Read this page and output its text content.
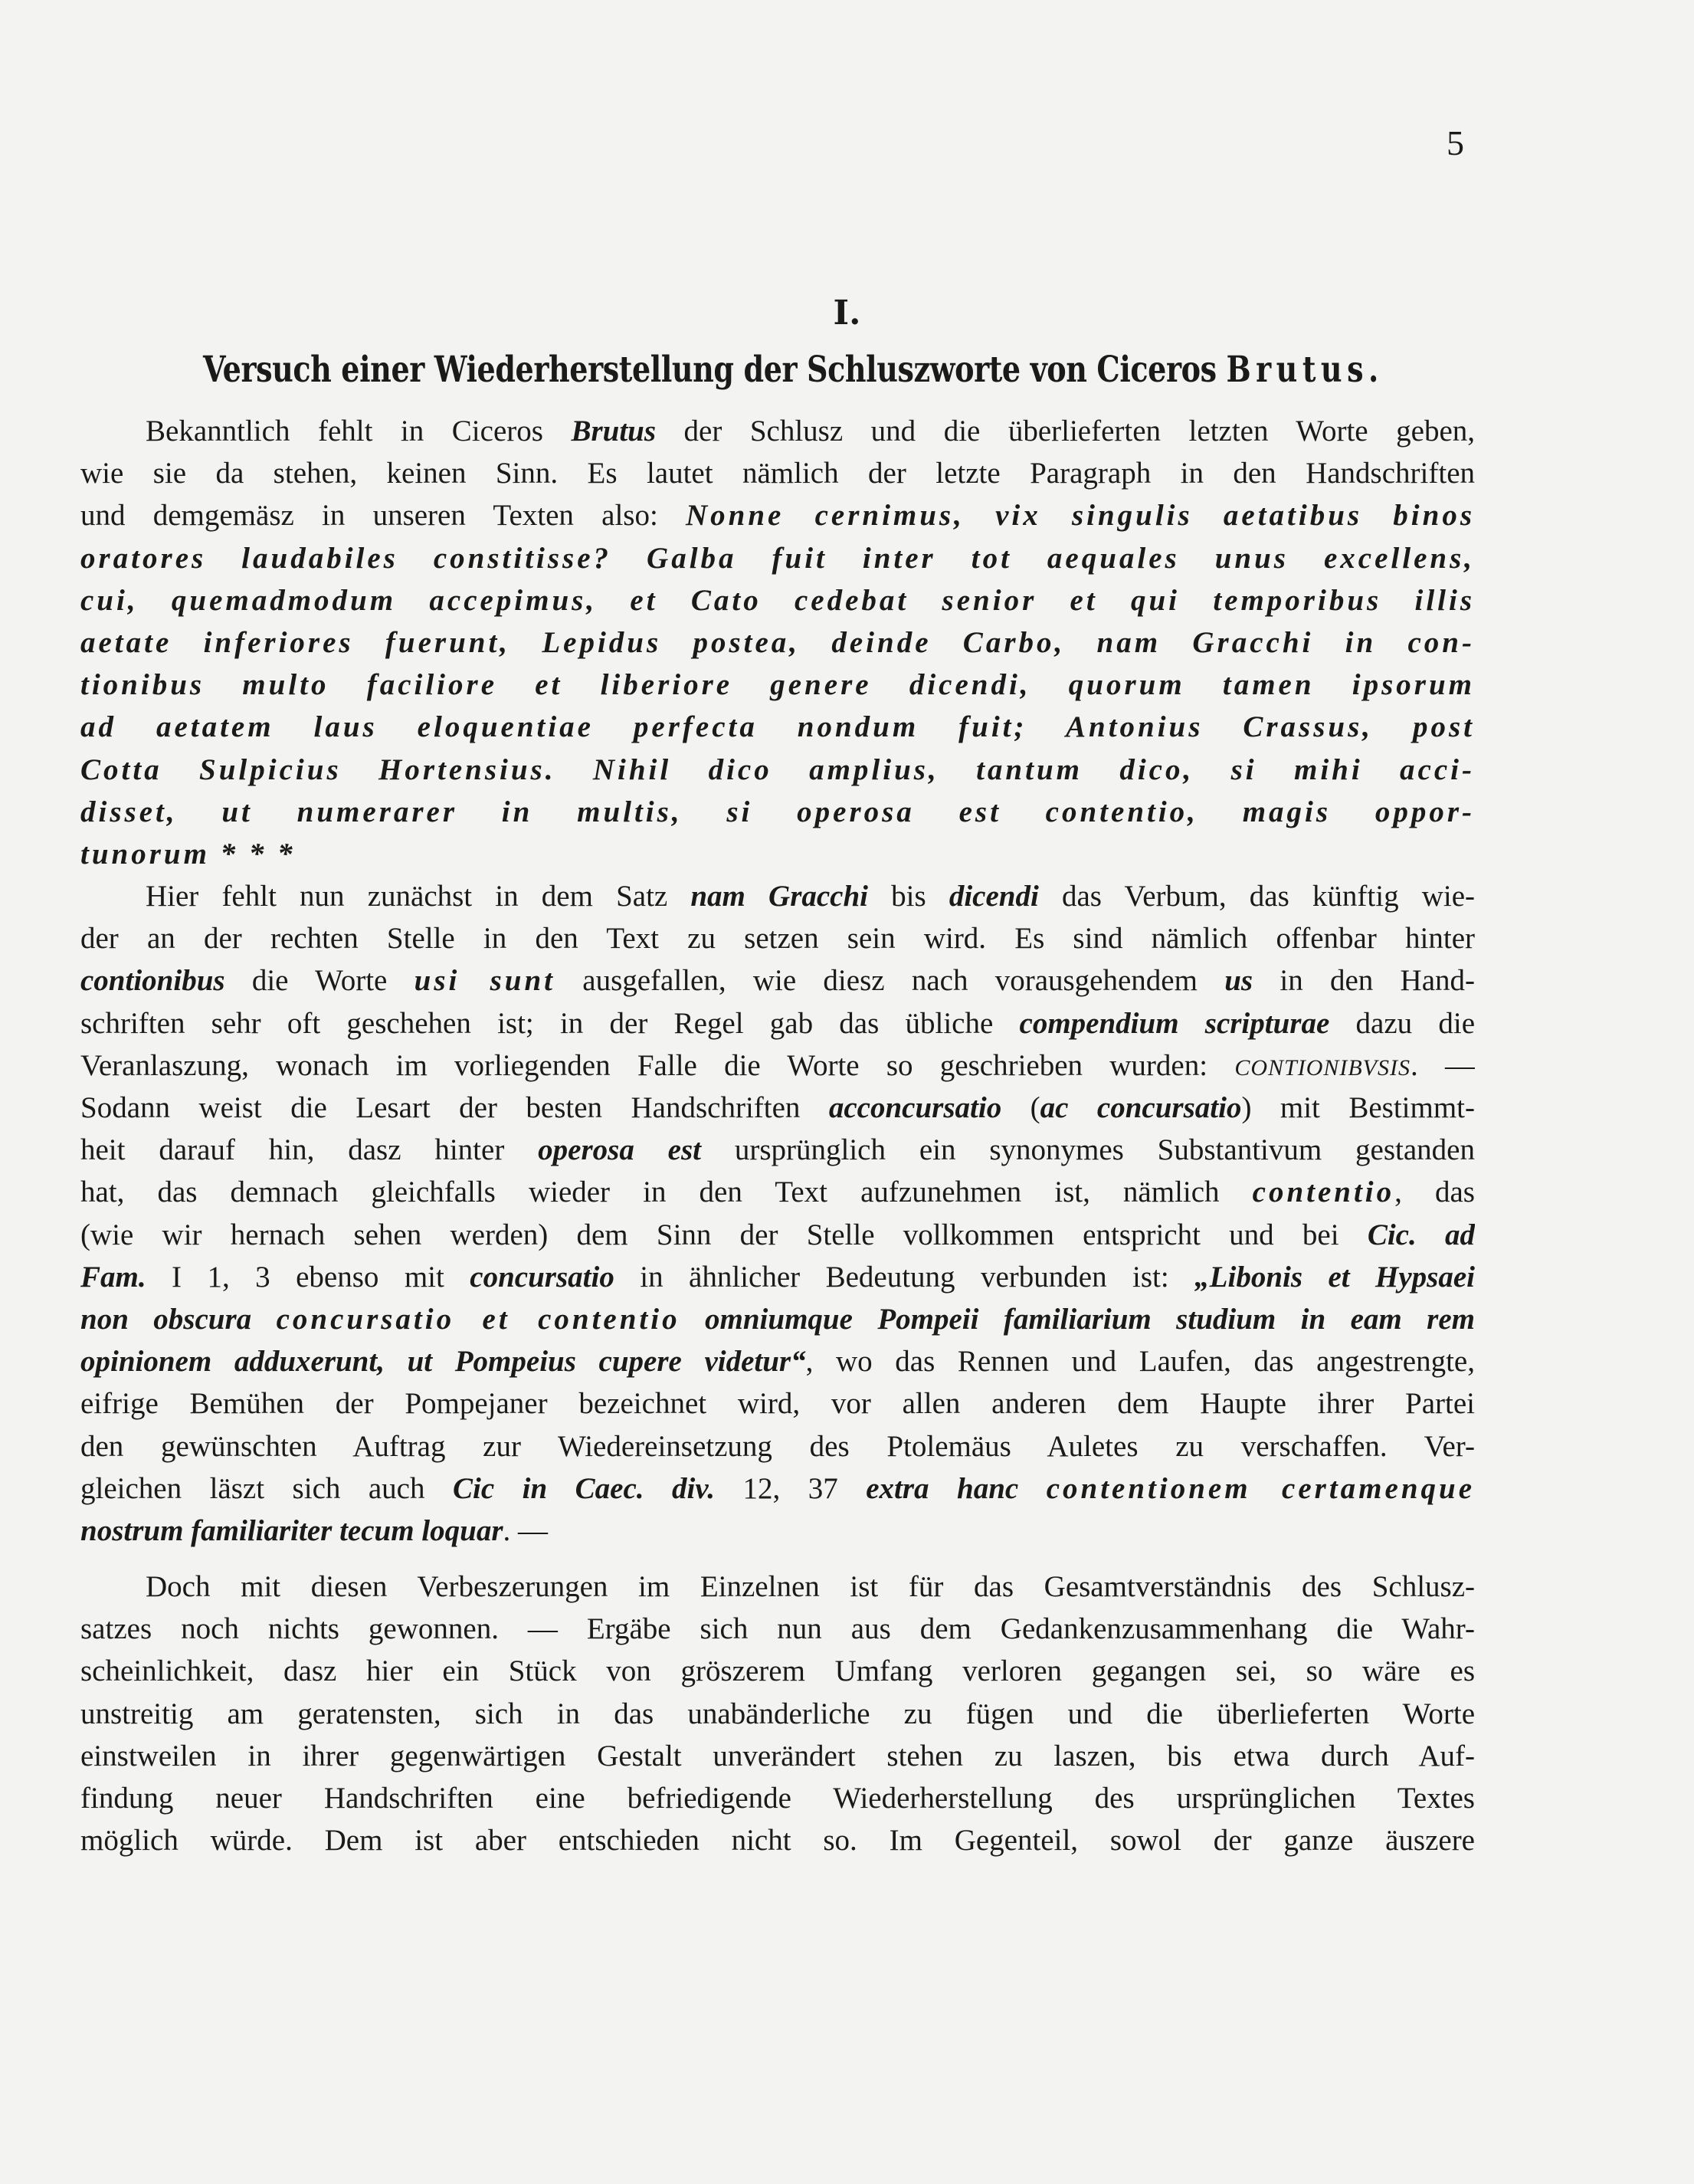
5
I.
Versuch einer Wiederherstellung der Schluszworte von Ciceros Brutus.
Bekanntlich fehlt in Ciceros Brutus der Schlusz und die überlieferten letzten Worte geben,
wie sie da stehen, keinen Sinn. Es lautet nämlich der letzte Paragraph in den Handschriften
und demgemäsz in unseren Texten also: Nonne cernimus, vix singulis aetatibus binos
oratores laudabiles constitisse? Galba fuit inter tot aequales unus excellens,
cui, quemadmodum accepimus, et Cato cedebat senior et qui temporibus illis
aetate inferiores fuerunt, Lepidus postea, deinde Carbo, nam Gracchi in con-
tionibus multo faciliore et liberiore genere dicendi, quorum tamen ipsorum
ad aetatem laus eloquentiae perfecta nondum fuit; Antonius Crassus, post
Cotta Sulpicius Hortensius. Nihil dico amplius, tantum dico, si mihi acci-
disset, ut numerarer in multis, si operosa est contentio, magis oppor-
tunorum * * *
Hier fehlt nun zunächst in dem Satz nam Gracchi bis dicendi das Verbum, das künftig wie-
der an der rechten Stelle in den Text zu setzen sein wird. Es sind nämlich offenbar hinter
contionibus die Worte usi sunt ausgefallen, wie diesz nach vorausgehendem us in den Hand-
schriften sehr oft geschehen ist; in der Regel gab das übliche compendium scripturae dazu die
Veranlaszung, wonach im vorliegenden Falle die Worte so geschrieben wurden: CONTIONIBVSIS. —
Sodann weist die Lesart der besten Handschriften acconcursatio (ac concursatio) mit Bestimmt-
heit darauf hin, dasz hinter operosa est ursprünglich ein synonymes Substantivum gestanden
hat, das demnach gleichfalls wieder in den Text aufzunehmen ist, nämlich contentio, das
(wie wir hernach sehen werden) dem Sinn der Stelle vollkommen entspricht und bei Cic. ad
Fam. I 1, 3 ebenso mit concursatio in ähnlicher Bedeutung verbunden ist: „Libonis et Hypsaei
non obscura concursatio et contentio omniumque Pompeii familiarium studium in eam rem
opinionem adduxerunt, ut Pompeius cupere videtur“, wo das Rennen und Laufen, das angestrengte,
eifrige Bemühen der Pompejaner bezeichnet wird, vor allen anderen dem Haupte ihrer Partei
den gewünschten Auftrag zur Wiedereinsetzung des Ptolemäus Auletes zu verschaffen. Ver-
gleichen läszt sich auch Cic in Caec. div. 12, 37 extra hanc contentionem certamenque
nostrum familiariter tecum loquar. —
Doch mit diesen Verbeszerungen im Einzelnen ist für das Gesamtverständnis des Schlusz-
satzes noch nichts gewonnen. — Ergäbe sich nun aus dem Gedankenzusammenhang die Wahr-
scheinlichkeit, dasz hier ein Stück von gröszerem Umfang verloren gegangen sei, so wäre es
unstreitig am geratensten, sich in das unabänderliche zu fügen und die überlieferten Worte
einstweilen in ihrer gegenwärtigen Gestalt unverändert stehen zu laszen, bis etwa durch Auf-
findung neuer Handschriften eine befriedigende Wiederherstellung des ursprünglichen Textes
möglich würde. Dem ist aber entschieden nicht so. Im Gegenteil, sowol der ganze äuszere
